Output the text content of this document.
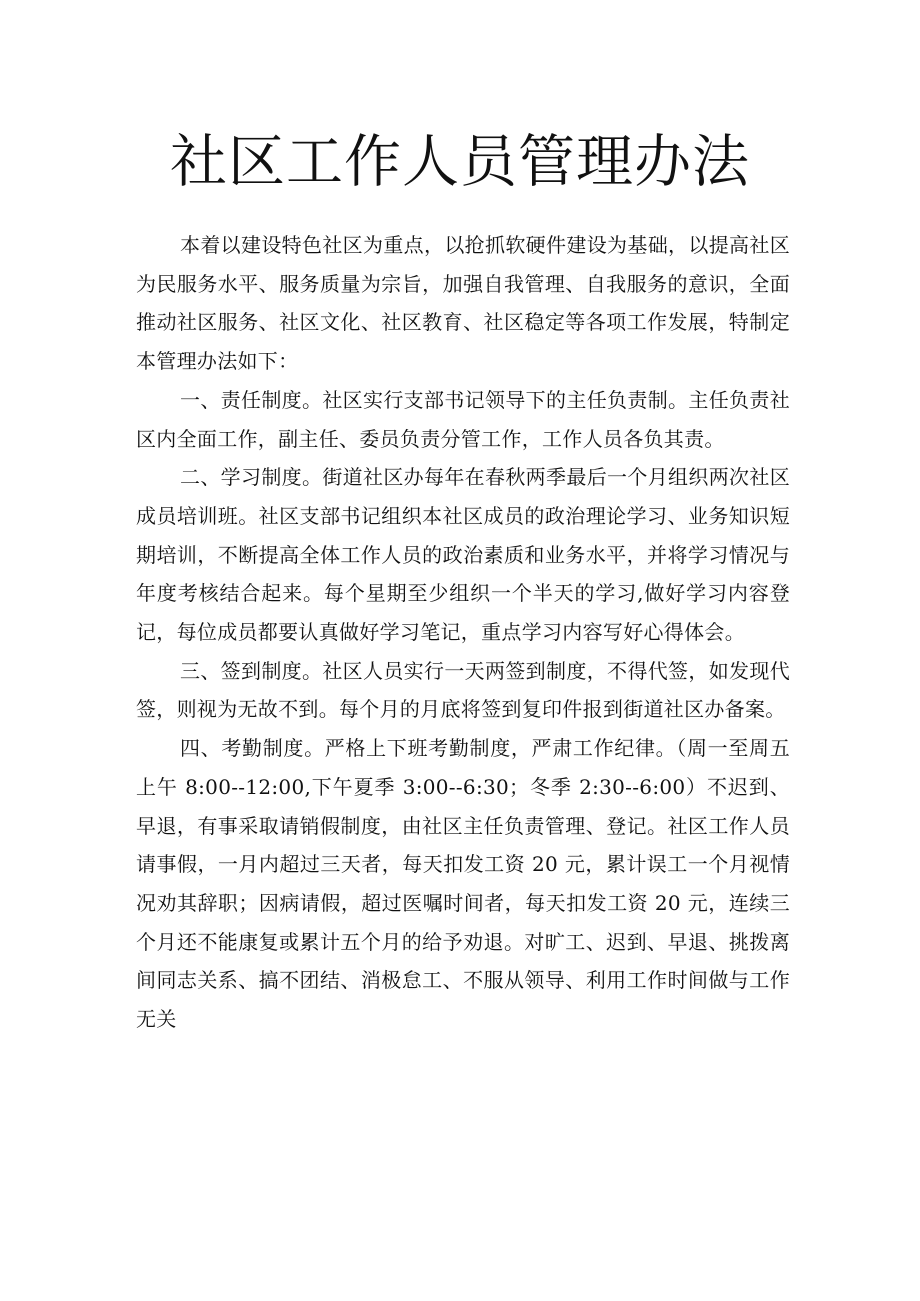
社区工作人员管理办法

本着以建设特色社区为重点，以抢抓软硬件建设为基础，以提高社区为民服务水平、服务质量为宗旨，加强自我管理、自我服务的意识，全面推动社区服务、社区文化、社区教育、社区稳定等各项工作发展，特制定本管理办法如下：

一、责任制度。社区实行支部书记领导下的主任负责制。主任负责社区内全面工作，副主任、委员负责分管工作，工作人员各负其责。

二、学习制度。街道社区办每年在春秋两季最后一个月组织两次社区成员培训班。社区支部书记组织本社区成员的政治理论学习、业务知识短期培训，不断提高全体工作人员的政治素质和业务水平，并将学习情况与年度考核结合起来。每个星期至少组织一个半天的学习,做好学习内容登记，每位成员都要认真做好学习笔记，重点学习内容写好心得体会。

三、签到制度。社区人员实行一天两签到制度，不得代签，如发现代签，则视为无故不到。每个月的月底将签到复印件报到街道社区办备案。

四、考勤制度。严格上下班考勤制度，严肃工作纪律。（周一至周五上午 8:00--12:00,下午夏季 3:00--6:30；冬季 2:30--6:00）不迟到、早退，有事采取请销假制度，由社区主任负责管理、登记。社区工作人员请事假，一月内超过三天者，每天扣发工资 20 元，累计误工一个月视情况劝其辞职；因病请假，超过医嘱时间者，每天扣发工资 20 元，连续三个月还不能康复或累计五个月的给予劝退。对旷工、迟到、早退、挑拨离间同志关系、搞不团结、消极怠工、不服从领导、利用工作时间做与工作无关
